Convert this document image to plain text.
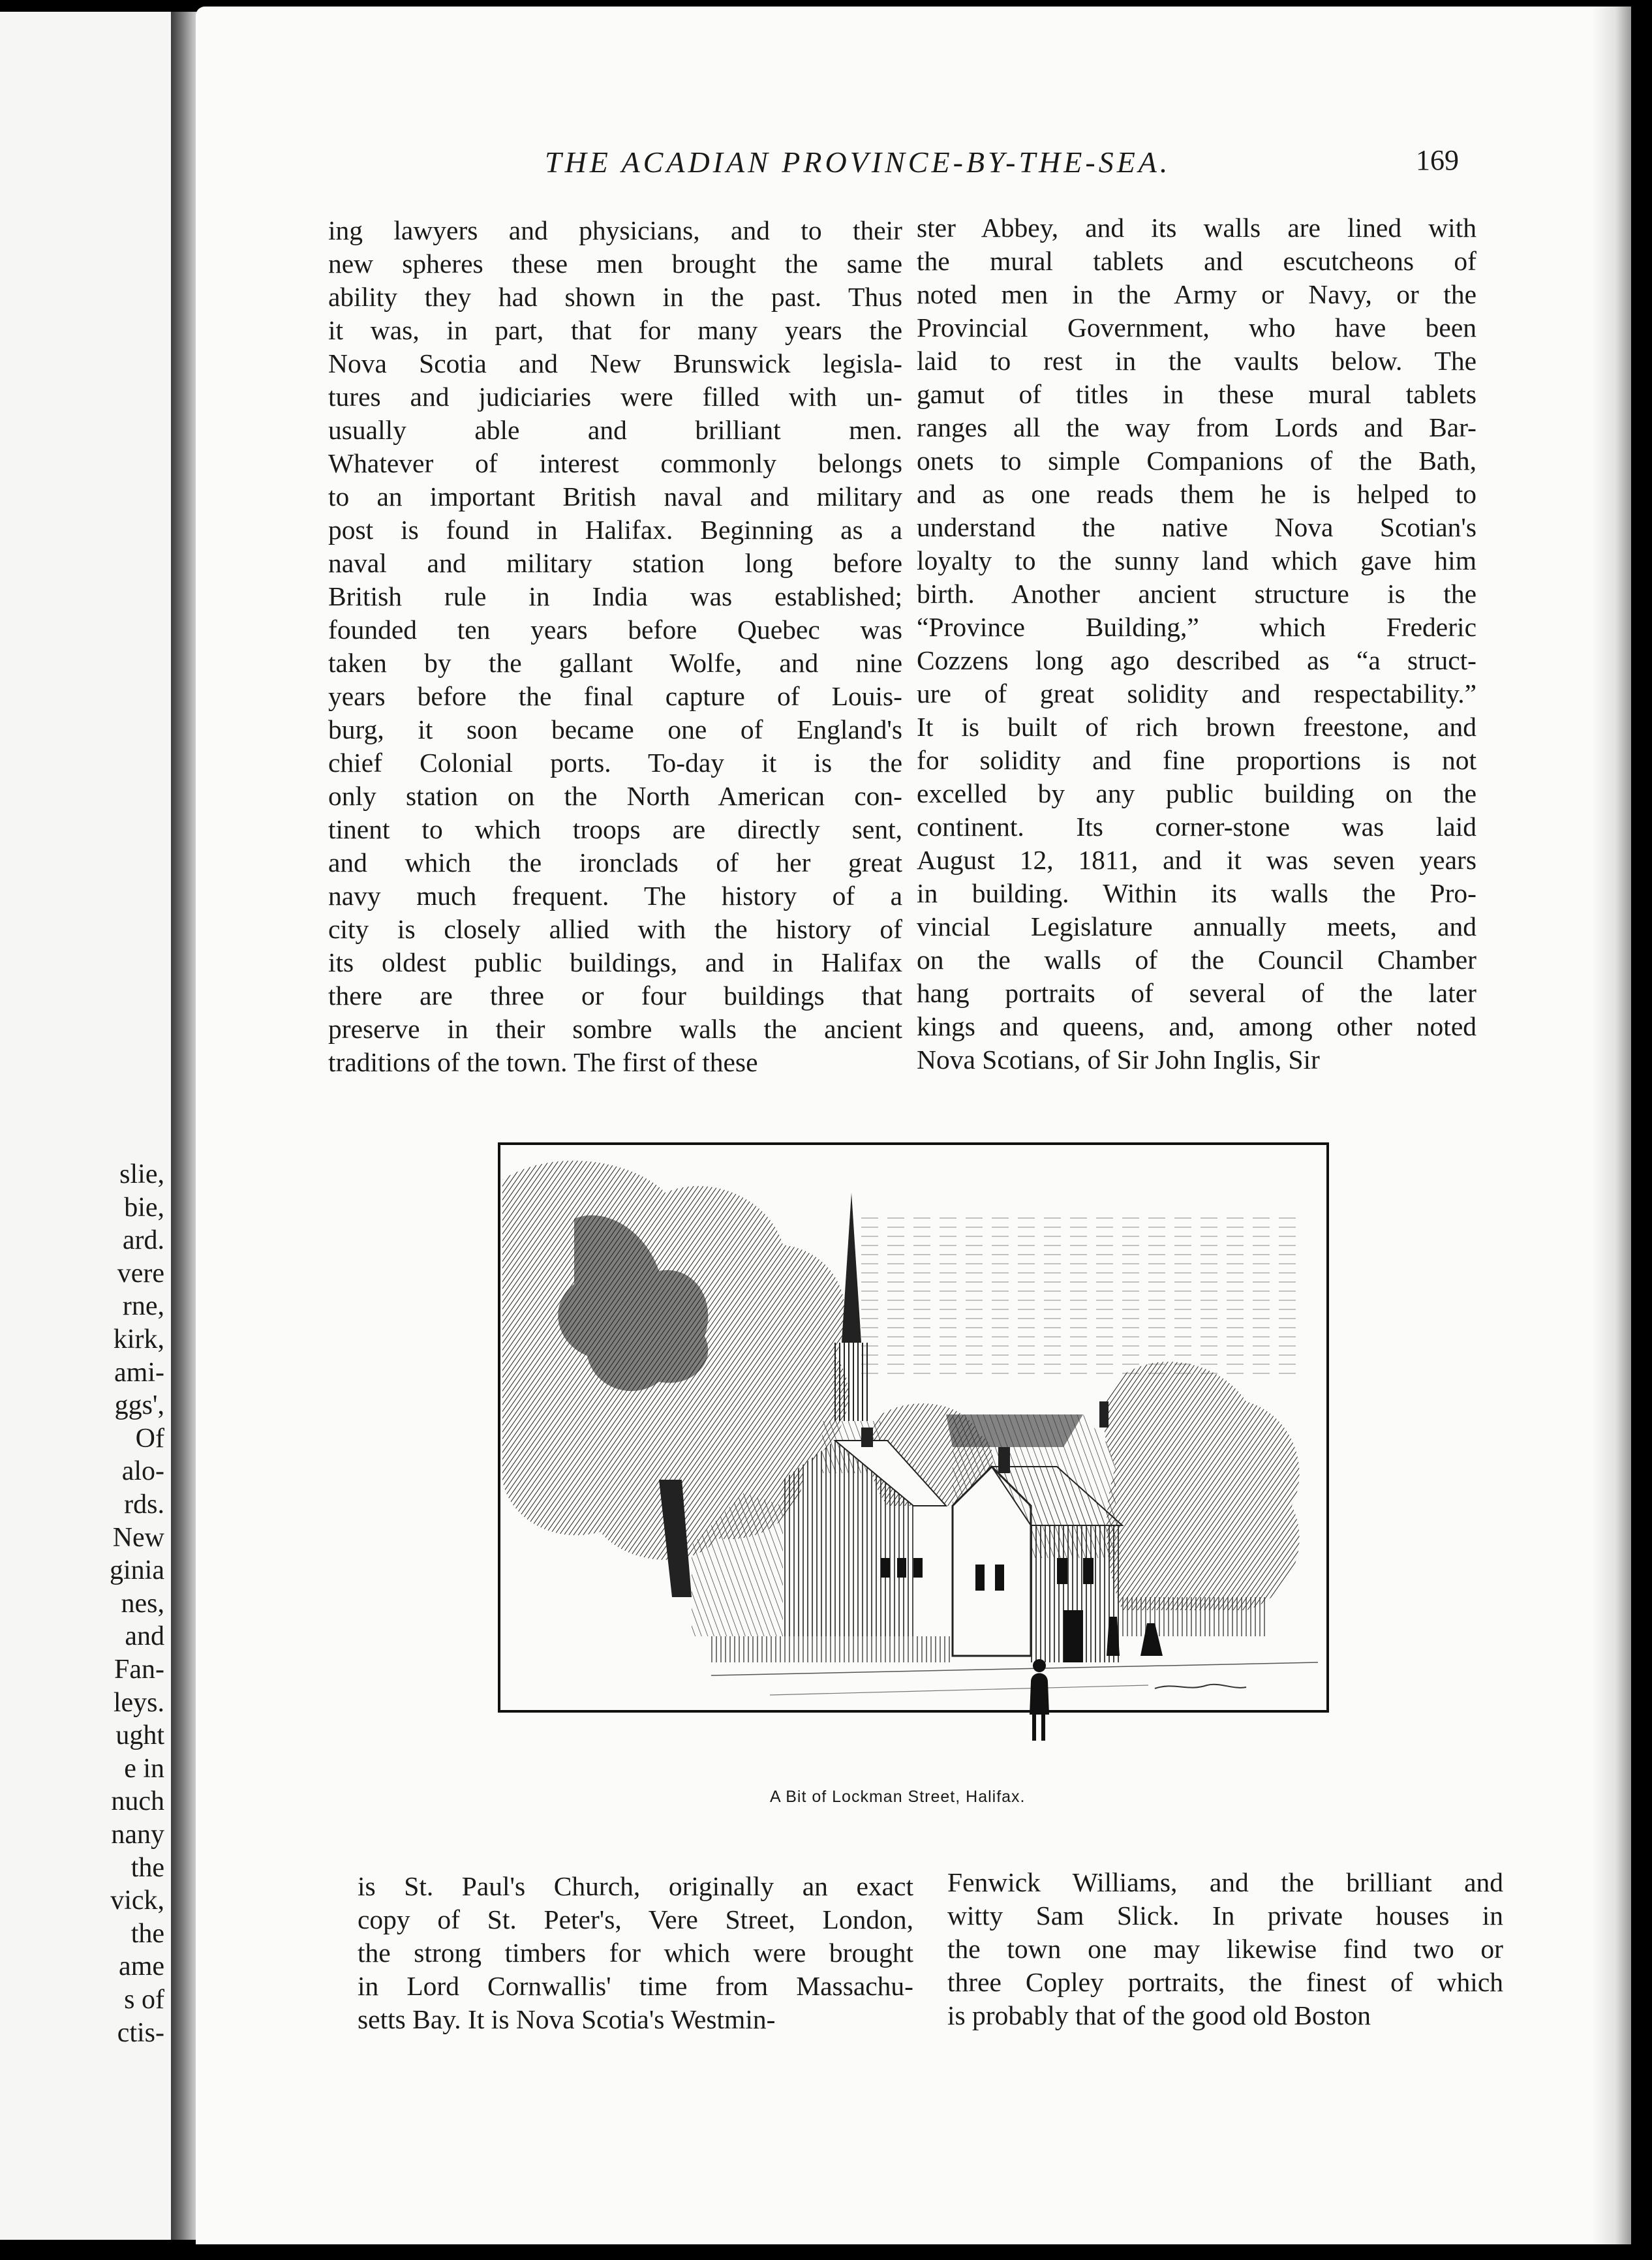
slie,
bie,
ard.
vere
rne,
kirk,
ami-
ggs',
Of
alo-
rds.
New
ginia
nes,
and
Fan-
leys.
ught
e in
nuch
nany
the
vick,
the
ame
s of
ctis-
THE ACADIAN PROVINCE-BY-THE-SEA.	169
ing lawyers and physicians, and to their
new spheres these men brought the same
ability they had shown in the past. Thus
it was, in part, that for many years the
Nova Scotia and New Brunswick legisla-
tures and judiciaries were filled with un-
usually able and brilliant men.
Whatever of interest commonly belongs
to an important British naval and military
post is found in Halifax. Beginning as a
naval and military station long before
British rule in India was established;
founded ten years before Quebec was
taken by the gallant Wolfe, and nine
years before the final capture of Louis-
burg, it soon became one of England's
chief Colonial ports. To-day it is the
only station on the North American con-
tinent to which troops are directly sent,
and which the ironclads of her great
navy much frequent. The history of a
city is closely allied with the history of
its oldest public buildings, and in Halifax
there are three or four buildings that
preserve in their sombre walls the ancient
traditions of the town. The first of these
ster Abbey, and its walls are lined with
the mural tablets and escutcheons of
noted men in the Army or Navy, or the
Provincial Government, who have been
laid to rest in the vaults below. The
gamut of titles in these mural tablets
ranges all the way from Lords and Bar-
onets to simple Companions of the Bath,
and as one reads them he is helped to
understand the native Nova Scotian's
loyalty to the sunny land which gave him
birth. Another ancient structure is the
“Province Building,” which Frederic
Cozzens long ago described as “a struct-
ure of great solidity and respectability.”
It is built of rich brown freestone, and
for solidity and fine proportions is not
excelled by any public building on the
continent. Its corner-stone was laid
August 12, 1811, and it was seven years
in building. Within its walls the Pro-
vincial Legislature annually meets, and
on the walls of the Council Chamber
hang portraits of several of the later
kings and queens, and, among other noted
Nova Scotians, of Sir John Inglis, Sir
A Bit of Lockman Street, Halifax.
is St. Paul's Church, originally an exact
copy of St. Peter's, Vere Street, London,
the strong timbers for which were brought
in Lord Cornwallis' time from Massachu-
setts Bay. It is Nova Scotia's Westmin-
Fenwick Williams, and the brilliant and
witty Sam Slick. In private houses in
the town one may likewise find two or
three Copley portraits, the finest of which
is probably that of the good old Boston
